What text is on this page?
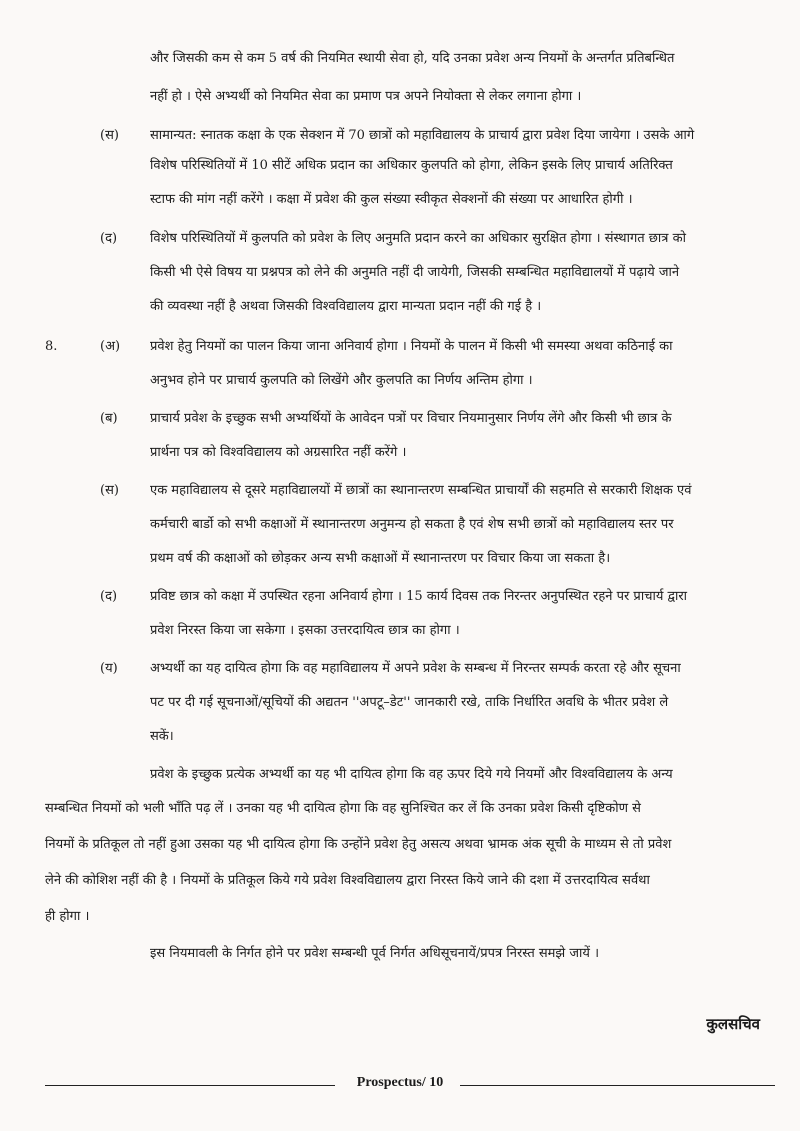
और जिसकी कम से कम 5 वर्ष की नियमित स्थायी सेवा हो, यदि उनका प्रवेश अन्य नियमों के अन्तर्गत प्रतिबन्धित
नहीं हो । ऐसे अभ्यर्थी को नियमित सेवा का प्रमाण पत्र अपने नियोक्ता से लेकर लगाना होगा ।
(स) सामान्यत: स्नातक कक्षा के एक सेक्शन में 70 छात्रों को महाविद्यालय के प्राचार्य द्वारा प्रवेश दिया जायेगा । उसके आगे
विशेष परिस्थितियों में 10 सीटें अधिक प्रदान का अधिकार कुलपति को होगा, लेकिन इसके लिए प्राचार्य अतिरिक्त
स्टाफ की मांग नहीं करेंगे । कक्षा में प्रवेश की कुल संख्या स्वीकृत सेक्शनों की संख्या पर आधारित होगी ।
(द)	विशेष परिस्थितियों में कुलपति को प्रवेश के लिए अनुमति प्रदान करने का अधिकार सुरक्षित होगा । संस्थागत छात्र को
किसी भी ऐसे विषय या प्रश्नपत्र को लेने की अनुमति नहीं दी जायेगी, जिसकी सम्बन्धित महाविद्यालयों में पढ़ाये जाने
की व्यवस्था नहीं है अथवा जिसकी विश्वविद्यालय द्वारा मान्यता प्रदान नहीं की गई है ।
8.	(अ) प्रवेश हेतु नियमों का पालन किया जाना अनिवार्य होगा । नियमों के पालन में किसी भी समस्या अथवा कठिनाई का
अनुभव होने पर प्राचार्य कुलपति को लिखेंगे और कुलपति का निर्णय अन्तिम होगा ।
(ब) प्राचार्य प्रवेश के इच्छुक सभी अभ्यर्थियों के आवेदन पत्रों पर विचार नियमानुसार निर्णय लेंगे और किसी भी छात्र के
प्रार्थना पत्र को विश्वविद्यालय को अग्रसारित नहीं करेंगे ।
(स) एक महाविद्यालय से दूसरे महाविद्यालयों में छात्रों का स्थानान्तरण सम्बन्धित प्राचार्यों की सहमति से सरकारी शिक्षक एवं
कर्मचारी बार्डो को सभी कक्षाओं में स्थानान्तरण अनुमन्य हो सकता है एवं शेष सभी छात्रों को महाविद्यालय स्तर पर
प्रथम वर्ष की कक्षाओं को छोड़कर अन्य सभी कक्षाओं में स्थानान्तरण पर विचार किया जा सकता है।
(द)	प्रविष्ट छात्र को कक्षा में उपस्थित रहना अनिवार्य होगा । 15 कार्य दिवस तक निरन्तर अनुपस्थित रहने पर प्राचार्य द्वारा
प्रवेश निरस्त किया जा सकेगा । इसका उत्तरदायित्व छात्र का होगा ।
(य) अभ्यर्थी का यह दायित्व होगा कि वह महाविद्यालय में अपने प्रवेश के सम्बन्ध में निरन्तर सम्पर्क करता रहे और सूचना
पट पर दी गई सूचनाओं/सूचियों की अद्यतन ''अपटू–डेट'' जानकारी रखे, ताकि निर्धारित अवधि के भीतर प्रवेश ले
सकें।
प्रवेश के इच्छुक प्रत्येक अभ्यर्थी का यह भी दायित्व होगा कि वह ऊपर दिये गये नियमों और विश्वविद्यालय के अन्य
सम्बन्धित नियमों को भली भाँति पढ़ लें । उनका यह भी दायित्व होगा कि वह सुनिश्चित कर लें कि उनका प्रवेश किसी दृष्टिकोण से
नियमों के प्रतिकूल तो नहीं हुआ उसका यह भी दायित्व होगा कि उन्होंने प्रवेश हेतु असत्य अथवा भ्रामक अंक सूची के माध्यम से तो प्रवेश
लेने की कोशिश नहीं की है । नियमों के प्रतिकूल किये गये प्रवेश विश्वविद्यालय द्वारा निरस्त किये जाने की दशा में उत्तरदायित्व सर्वथा
ही होगा ।
इस नियमावली के निर्गत होने पर प्रवेश सम्बन्धी पूर्व निर्गत अधिसूचनायें/प्रपत्र निरस्त समझे जायें ।
कुलसचिव
Prospectus/ 10
